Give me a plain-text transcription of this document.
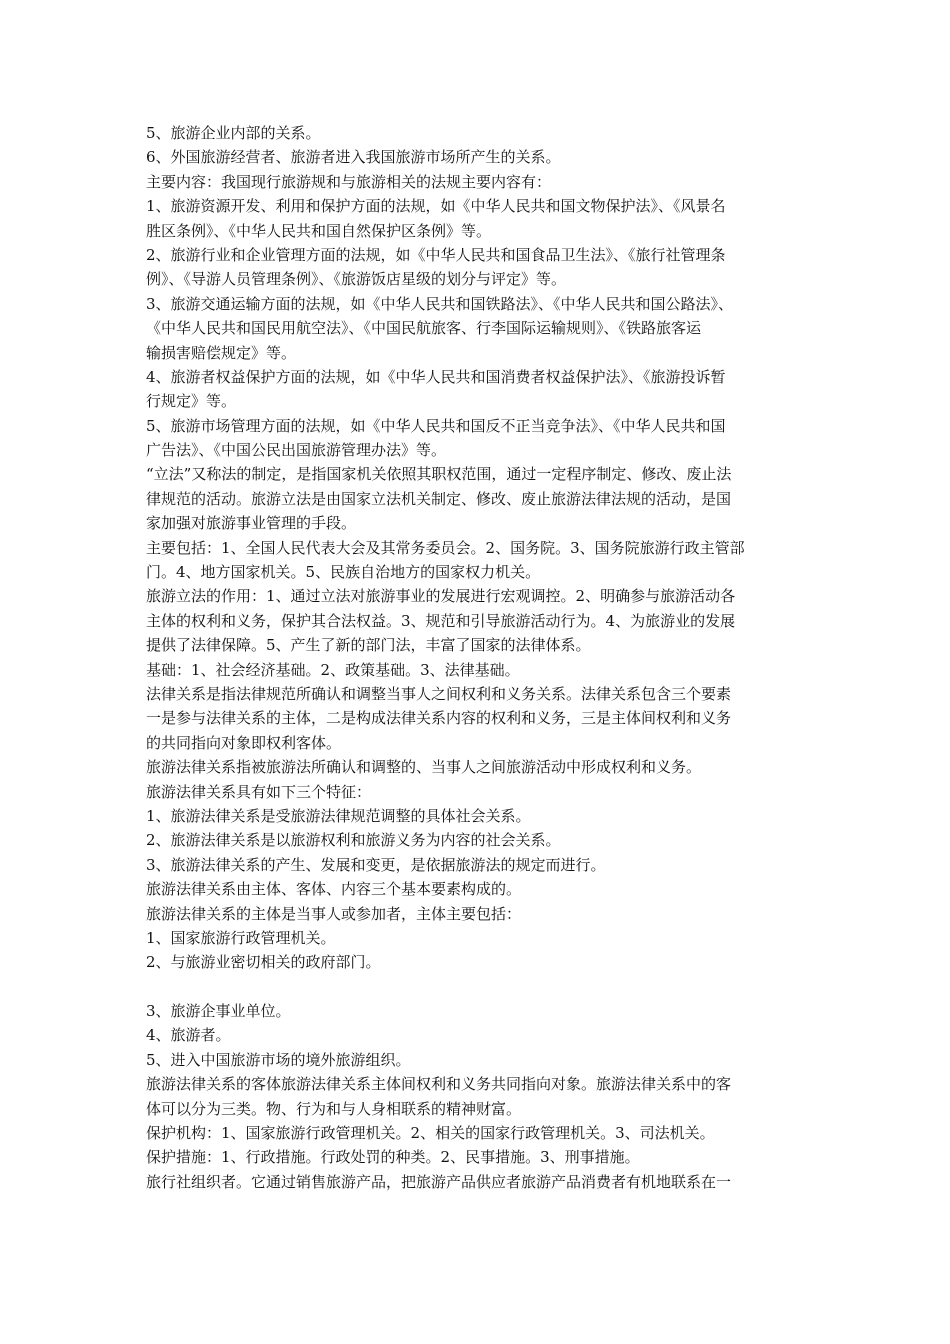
5、旅游企业内部的关系。
6、外国旅游经营者、旅游者进入我国旅游市场所产生的关系。
主要内容：我国现行旅游规和与旅游相关的法规主要内容有：
1、旅游资源开发、利用和保护方面的法规，如《中华人民共和国文物保护法》、《风景名
胜区条例》、《中华人民共和国自然保护区条例》等。
2、旅游行业和企业管理方面的法规，如《中华人民共和国食品卫生法》、《旅行社管理条
例》、《导游人员管理条例》、《旅游饭店星级的划分与评定》等。
3、旅游交通运输方面的法规，如《中华人民共和国铁路法》、《中华人民共和国公路法》、
《中华人民共和国民用航空法》、《中国民航旅客、行李国际运输规则》、《铁路旅客运
输损害赔偿规定》等。
4、旅游者权益保护方面的法规，如《中华人民共和国消费者权益保护法》、《旅游投诉暂
行规定》等。
5、旅游市场管理方面的法规，如《中华人民共和国反不正当竞争法》、《中华人民共和国
广告法》、《中国公民出国旅游管理办法》等。
“立法”又称法的制定，是指国家机关依照其职权范围，通过一定程序制定、修改、废止法
律规范的活动。旅游立法是由国家立法机关制定、修改、废止旅游法律法规的活动，是国
家加强对旅游事业管理的手段。
主要包括：1、全国人民代表大会及其常务委员会。2、国务院。3、国务院旅游行政主管部
门。4、地方国家机关。5、民族自治地方的国家权力机关。
旅游立法的作用：1、通过立法对旅游事业的发展进行宏观调控。2、明确参与旅游活动各
主体的权利和义务，保护其合法权益。3、规范和引导旅游活动行为。4、为旅游业的发展
提供了法律保障。5、产生了新的部门法，丰富了国家的法律体系。
基础：1、社会经济基础。2、政策基础。3、法律基础。
法律关系是指法律规范所确认和调整当事人之间权利和义务关系。法律关系包含三个要素
一是参与法律关系的主体，二是构成法律关系内容的权利和义务，三是主体间权利和义务
的共同指向对象即权利客体。
旅游法律关系指被旅游法所确认和调整的、当事人之间旅游活动中形成权利和义务。
旅游法律关系具有如下三个特征：
1、旅游法律关系是受旅游法律规范调整的具体社会关系。
2、旅游法律关系是以旅游权利和旅游义务为内容的社会关系。
3、旅游法律关系的产生、发展和变更，是依据旅游法的规定而进行。
旅游法律关系由主体、客体、内容三个基本要素构成的。
旅游法律关系的主体是当事人或参加者，主体主要包括：
1、国家旅游行政管理机关。
2、与旅游业密切相关的政府部门。
3、旅游企事业单位。
4、旅游者。
5、进入中国旅游市场的境外旅游组织。
旅游法律关系的客体旅游法律关系主体间权利和义务共同指向对象。旅游法律关系中的客
体可以分为三类。物、行为和与人身相联系的精神财富。
保护机构：1、国家旅游行政管理机关。2、相关的国家行政管理机关。3、司法机关。
保护措施：1、行政措施。行政处罚的种类。2、民事措施。3、刑事措施。
旅行社组织者。它通过销售旅游产品，把旅游产品供应者旅游产品消费者有机地联系在一
